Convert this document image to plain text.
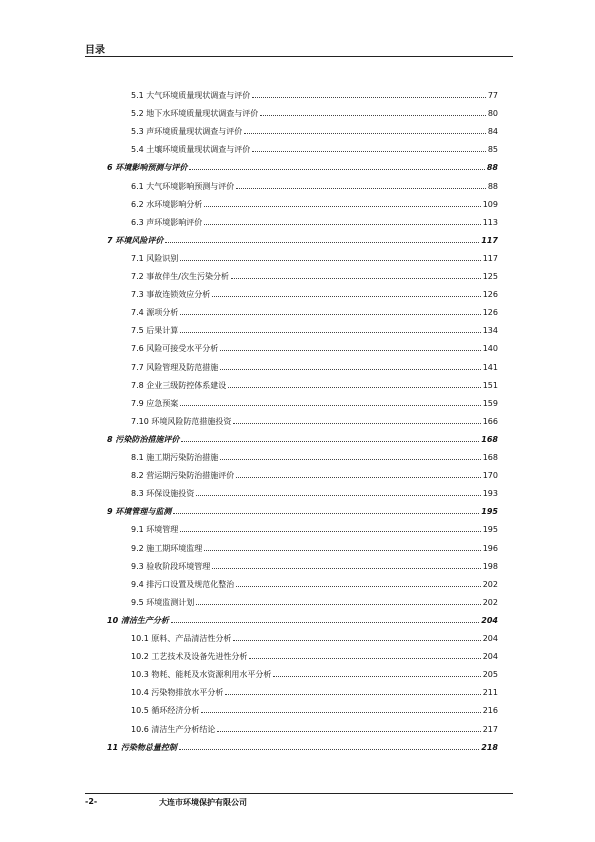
目录
5.1 大气环境质量现状调查与评价	77
5.2 地下水环境质量现状调查与评价	80
5.3 声环境质量现状调查与评价	84
5.4 土壤环境质量现状调查与评价	85
6 环境影响预测与评价	88
6.1 大气环境影响预测与评价	88
6.2 水环境影响分析	109
6.3 声环境影响评价	113
7 环境风险评价	117
7.1 风险识别	117
7.2 事故伴生/次生污染分析	125
7.3 事故连锁效应分析	126
7.4 源项分析	126
7.5 后果计算	134
7.6 风险可接受水平分析	140
7.7 风险管理及防范措施	141
7.8 企业三级防控体系建设	151
7.9 应急预案	159
7.10 环境风险防范措施投资	166
8 污染防治措施评价	168
8.1 施工期污染防治措施	168
8.2 营运期污染防治措施评价	170
8.3 环保设施投资	193
9 环境管理与监测	195
9.1 环境管理	195
9.2 施工期环境监理	196
9.3 验收阶段环境管理	198
9.4 排污口设置及规范化整治	202
9.5 环境监测计划	202
10 清洁生产分析	204
10.1 原料、产品清洁性分析	204
10.2 工艺技术及设备先进性分析	204
10.3 物耗、能耗及水资源利用水平分析	205
10.4 污染物排放水平分析	211
10.5 循环经济分析	216
10.6 清洁生产分析结论	217
11 污染物总量控制	218
-2-	大连市环境保护有限公司
